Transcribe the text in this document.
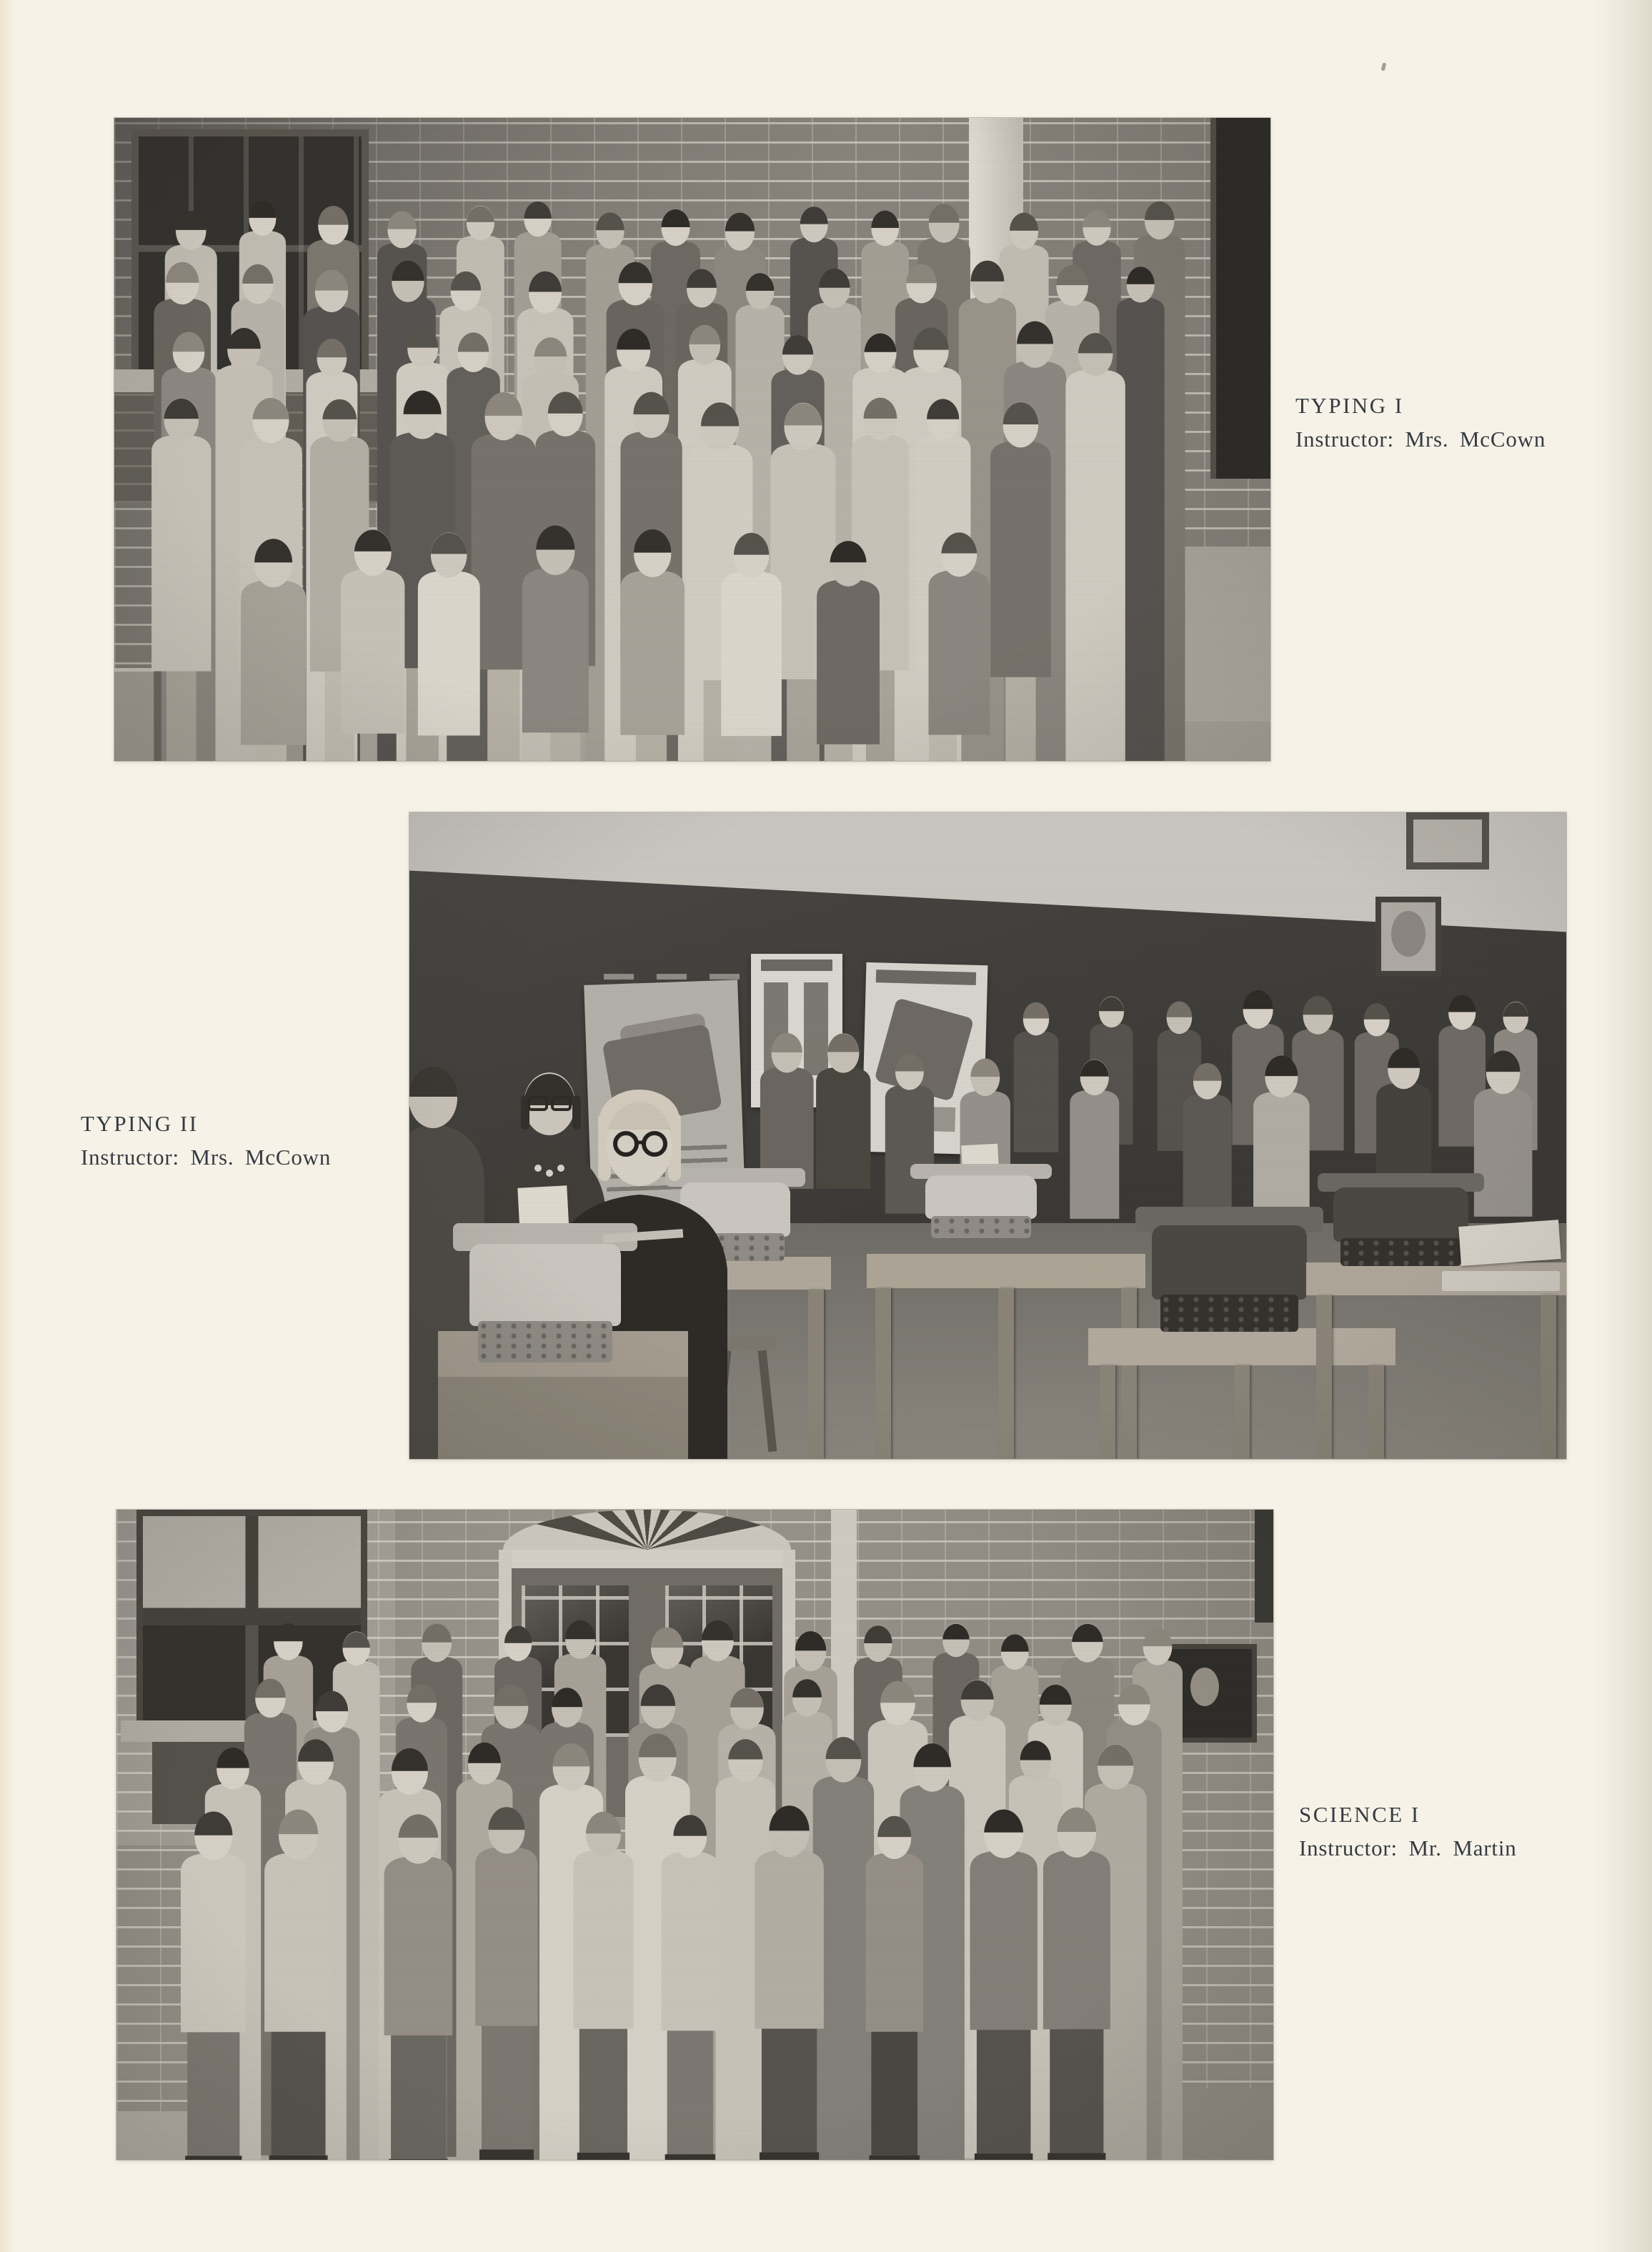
TYPING I
Instructor: Mrs. McCown
TYPING II
Instructor: Mrs. McCown
SCIENCE I
Instructor: Mr. Martin
